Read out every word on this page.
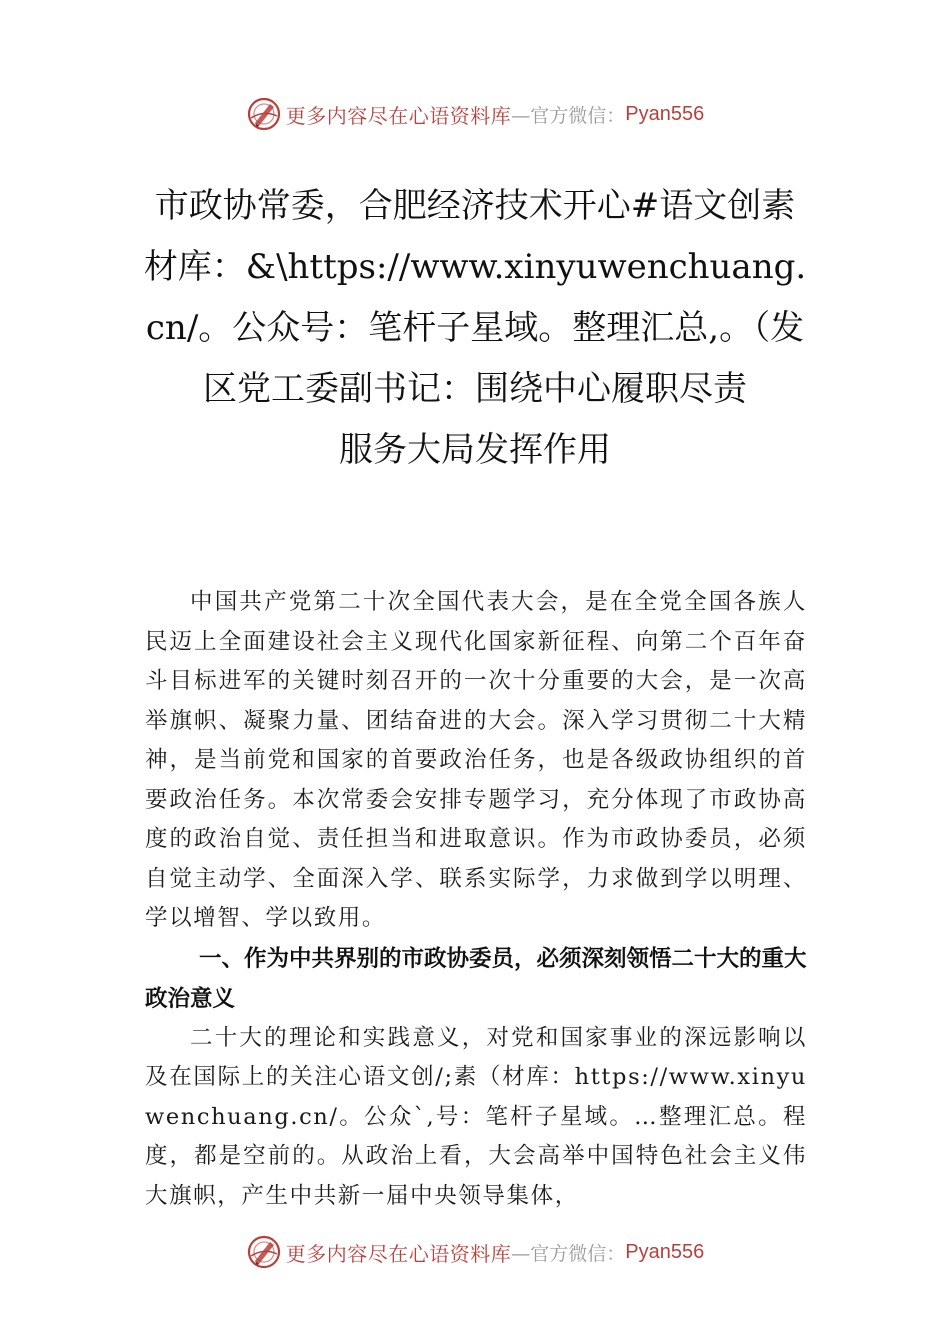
更多内容尽在心语资料库 —官方微信： Pyan556
市政协常委，合肥经济技术开心#语文创素材库：&\https://www.xinyuwenchuang.cn/。公众号：笔杆子星域。整理汇总,。（发区党工委副书记：围绕中心履职尽责　　　　服务大局发挥作用

中国共产党第二十次全国代表大会，是在全党全国各族人民迈上全面建设社会主义现代化国家新征程、向第二个百年奋斗目标进军的关键时刻召开的一次十分重要的大会，是一次高举旗帜、凝聚力量、团结奋进的大会。深入学习贯彻二十大精神，是当前党和国家的首要政治任务，也是各级政协组织的首要政治任务。本次常委会安排专题学习，充分体现了市政协高度的政治自觉、责任担当和进取意识。作为市政协委员，必须自觉主动学、全面深入学、联系实际学，力求做到学以明理、学以增智、学以致用。

一、作为中共界别的市政协委员，必须深刻领悟二十大的重大政治意义

二十大的理论和实践意义，对党和国家事业的深远影响以及在国际上的关注心语文创/;素（材库：https://www.xinyuwenchuang.cn/。公众`,号：笔杆子星域。…整理汇总。程度，都是空前的。从政治上看，大会高举中国特色社会主义伟大旗帜，产生中共新一届中央领导集体，

更多内容尽在心语资料库 —官方微信： Pyan556
